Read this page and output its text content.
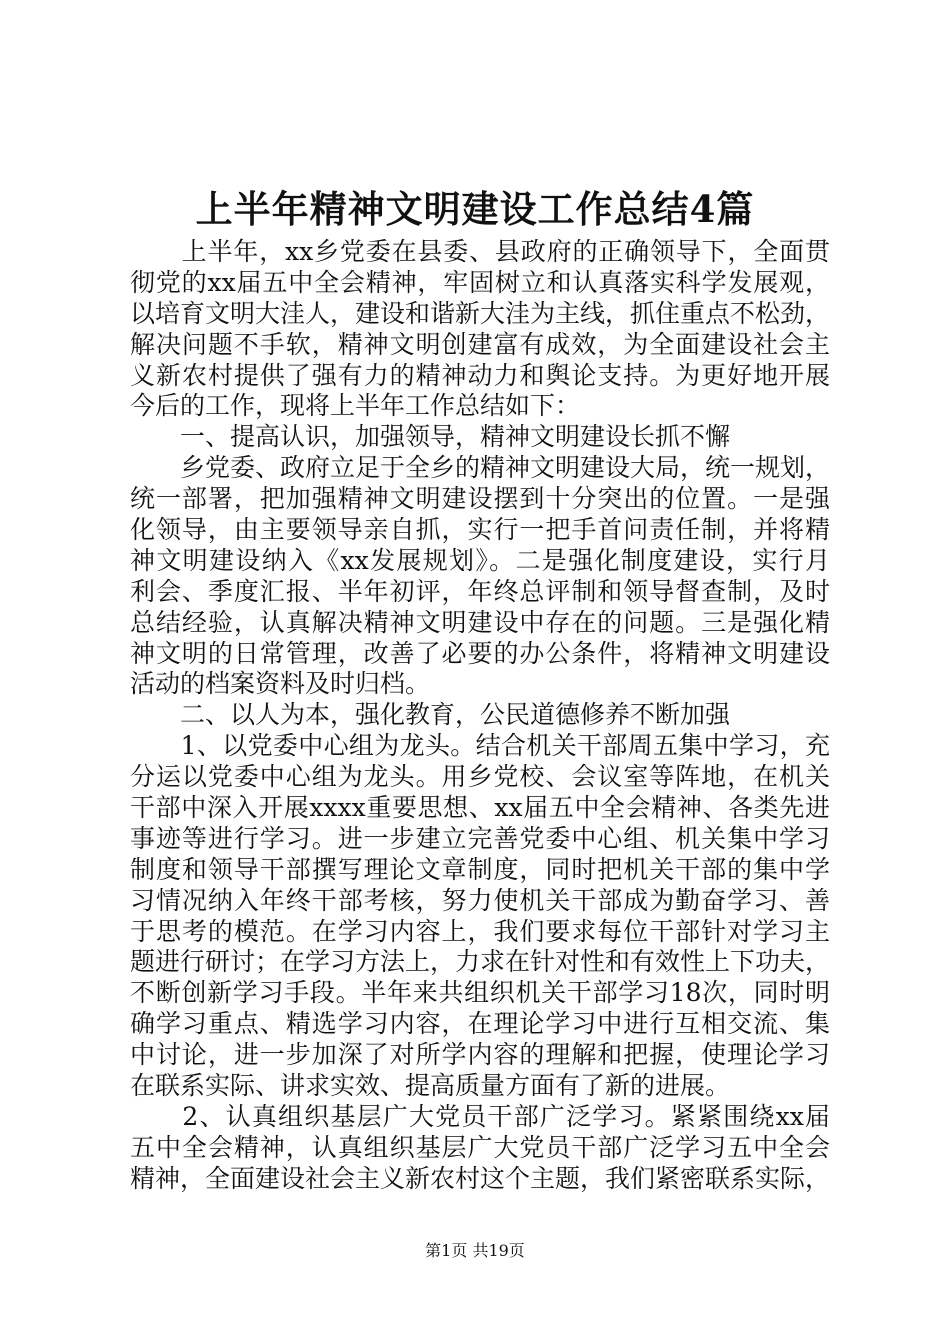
上半年精神文明建设工作总结4篇
　　上半年，xx乡党委在县委、县政府的正确领导下，全面贯
彻党的xx届五中全会精神，牢固树立和认真落实科学发展观，
以培育文明大洼人，建设和谐新大洼为主线，抓住重点不松劲，
解决问题不手软，精神文明创建富有成效，为全面建设社会主
义新农村提供了强有力的精神动力和舆论支持。为更好地开展
今后的工作，现将上半年工作总结如下：
　　一、提高认识，加强领导，精神文明建设长抓不懈
　　乡党委、政府立足于全乡的精神文明建设大局，统一规划，
统一部署，把加强精神文明建设摆到十分突出的位置。一是强
化领导，由主要领导亲自抓，实行一把手首问责任制，并将精
神文明建设纳入《xx发展规划》。二是强化制度建设，实行月
利会、季度汇报、半年初评，年终总评制和领导督查制，及时
总结经验，认真解决精神文明建设中存在的问题。三是强化精
神文明的日常管理，改善了必要的办公条件，将精神文明建设
活动的档案资料及时归档。
　　二、以人为本，强化教育，公民道德修养不断加强
　　1、以党委中心组为龙头。结合机关干部周五集中学习，充
分运以党委中心组为龙头。用乡党校、会议室等阵地，在机关
干部中深入开展xxxx重要思想、xx届五中全会精神、各类先进
事迹等进行学习。进一步建立完善党委中心组、机关集中学习
制度和领导干部撰写理论文章制度，同时把机关干部的集中学
习情况纳入年终干部考核，努力使机关干部成为勤奋学习、善
于思考的模范。在学习内容上，我们要求每位干部针对学习主
题进行研讨；在学习方法上，力求在针对性和有效性上下功夫，
不断创新学习手段。半年来共组织机关干部学习18次，同时明
确学习重点、精选学习内容，在理论学习中进行互相交流、集
中讨论，进一步加深了对所学内容的理解和把握，使理论学习
在联系实际、讲求实效、提高质量方面有了新的进展。
　　2、认真组织基层广大党员干部广泛学习。紧紧围绕xx届
五中全会精神，认真组织基层广大党员干部广泛学习五中全会
精神，全面建设社会主义新农村这个主题，我们紧密联系实际，
第1页 共19页
